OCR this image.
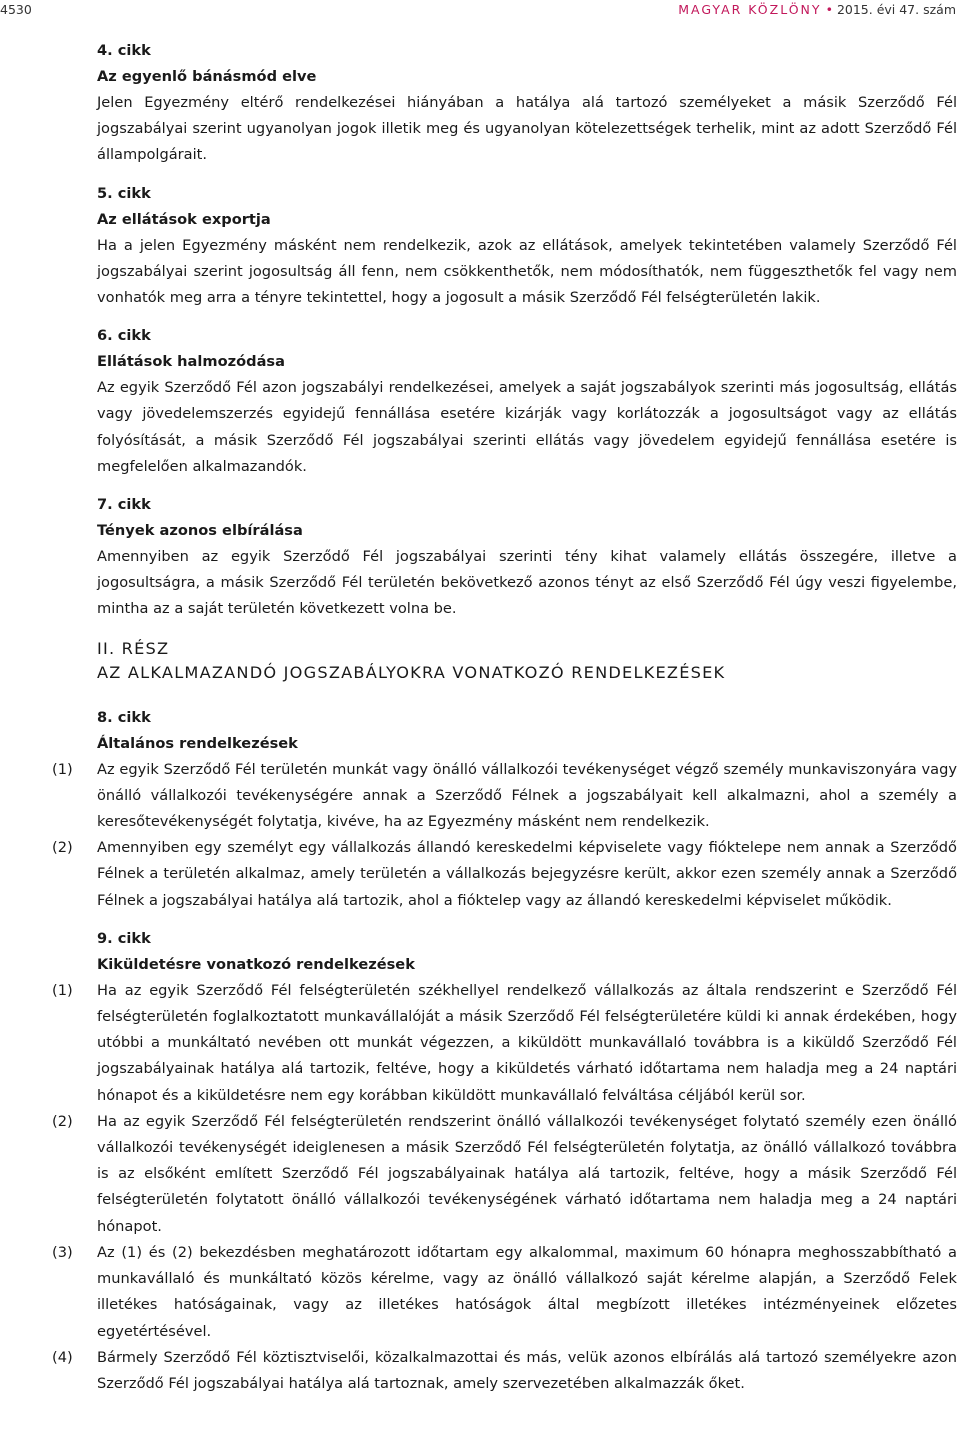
4530	MAGYAR KÖZLÖNY • 2015. évi 47. szám
4. cikk
Az egyenlő bánásmód elve

Jelen Egyezmény eltérő rendelkezései hiányában a hatálya alá tartozó személyeket a másik Szerződő Fél jogszabályai szerint ugyanolyan jogok illetik meg és ugyanolyan kötelezettségek terhelik, mint az adott Szerződő Fél állampolgárait.

5. cikk
Az ellátások exportja

Ha a jelen Egyezmény másként nem rendelkezik, azok az ellátások, amelyek tekintetében valamely Szerződő Fél jogszabályai szerint jogosultság áll fenn, nem csökkenthetők, nem módosíthatók, nem függeszthetők fel vagy nem vonhatók meg arra a tényre tekintettel, hogy a jogosult a másik Szerződő Fél felségterületén lakik.

6. cikk
Ellátások halmozódása

Az egyik Szerződő Fél azon jogszabályi rendelkezései, amelyek a saját jogszabályok szerinti más jogosultság, ellátás vagy jövedelemszerzés egyidejű fennállása esetére kizárják vagy korlátozzák a jogosultságot vagy az ellátás folyósítását, a másik Szerződő Fél jogszabályai szerinti ellátás vagy jövedelem egyidejű fennállása esetére is megfelelően alkalmazandók.

7. cikk
Tények azonos elbírálása

Amennyiben az egyik Szerződő Fél jogszabályai szerinti tény kihat valamely ellátás összegére, illetve a jogosultságra, a másik Szerződő Fél területén bekövetkező azonos tényt az első Szerződő Fél úgy veszi figyelembe, mintha az a saját területén következett volna be.

II. RÉSZ
AZ ALKALMAZANDÓ JOGSZABÁLYOKRA VONATKOZÓ RENDELKEZÉSEK
8. cikk
Általános rendelkezések
(1) Az egyik Szerződő Fél területén munkát vagy önálló vállalkozói tevékenységet végző személy munkaviszonyára vagy önálló vállalkozói tevékenységére annak a Szerződő Félnek a jogszabályait kell alkalmazni, ahol a személy a keresőtevékenységét folytatja, kivéve, ha az Egyezmény másként nem rendelkezik.

(2) Amennyiben egy személyt egy vállalkozás állandó kereskedelmi képviselete vagy fióktelepe nem annak a Szerződő Félnek a területén alkalmaz, amely területén a vállalkozás bejegyzésre került, akkor ezen személy annak a Szerződő Félnek a jogszabályai hatálya alá tartozik, ahol a fióktelep vagy az állandó kereskedelmi képviselet működik.

9. cikk
Kiküldetésre vonatkozó rendelkezések
(1) Ha az egyik Szerződő Fél felségterületén székhellyel rendelkező vállalkozás az általa rendszerint e Szerződő Fél felségterületén foglalkoztatott munkavállalóját a másik Szerződő Fél felségterületére küldi ki annak érdekében, hogy utóbbi a munkáltató nevében ott munkát végezzen, a kiküldött munkavállaló továbbra is a kiküldő Szerződő Fél jogszabályainak hatálya alá tartozik, feltéve, hogy a kiküldetés várható időtartama nem haladja meg a 24 naptári hónapot és a kiküldetésre nem egy korábban kiküldött munkavállaló felváltása céljából kerül sor.

(2) Ha az egyik Szerződő Fél felségterületén rendszerint önálló vállalkozói tevékenységet folytató személy ezen önálló vállalkozói tevékenységét ideiglenesen a másik Szerződő Fél felségterületén folytatja, az önálló vállalkozó továbbra is az elsőként említett Szerződő Fél jogszabályainak hatálya alá tartozik, feltéve, hogy a másik Szerződő Fél felségterületén folytatott önálló vállalkozói tevékenységének várható időtartama nem haladja meg a 24 naptári hónapot.

(3) Az (1) és (2) bekezdésben meghatározott időtartam egy alkalommal, maximum 60 hónapra meghosszabbítható a munkavállaló és munkáltató közös kérelme, vagy az önálló vállalkozó saját kérelme alapján, a Szerződő Felek illetékes hatóságainak, vagy az illetékes hatóságok által megbízott illetékes intézményeinek előzetes egyetértésével.

(4) Bármely Szerződő Fél köztisztviselői, közalkalmazottai és más, velük azonos elbírálás alá tartozó személyekre azon Szerződő Fél jogszabályai hatálya alá tartoznak, amely szervezetében alkalmazzák őket.
